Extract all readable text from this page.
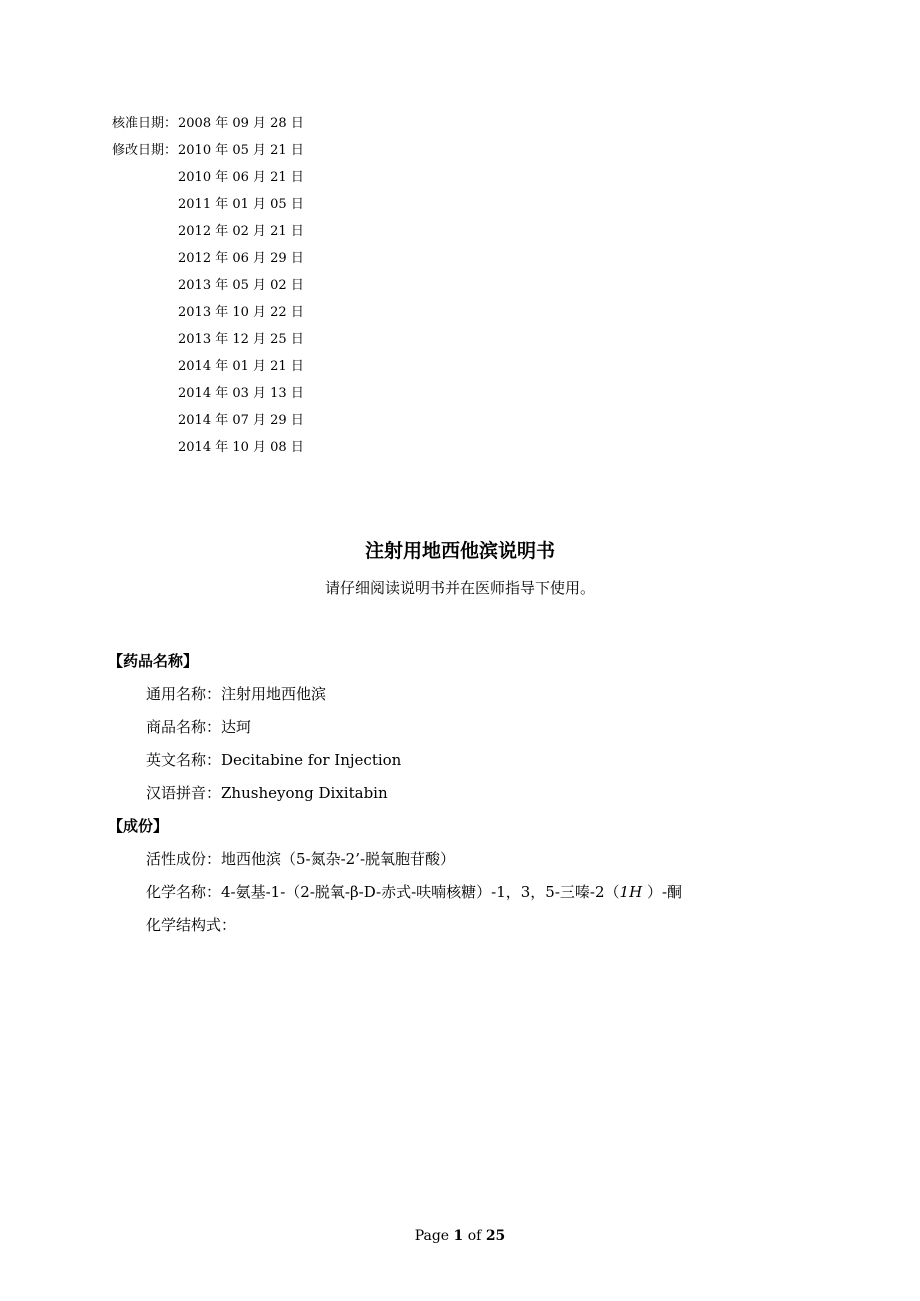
核准日期：2008 年 09 月 28 日
修改日期：2010 年 05 月 21 日
2010 年 06 月 21 日
2011 年 01 月 05 日
2012 年 02 月 21 日
2012 年 06 月 29 日
2013 年 05 月 02 日
2013 年 10 月 22 日
2013 年 12 月 25 日
2014 年 01 月 21 日
2014 年 03 月 13 日
2014 年 07 月 29 日
2014 年 10 月 08 日
注射用地西他滨说明书
请仔细阅读说明书并在医师指导下使用。
【药品名称】
通用名称：注射用地西他滨
商品名称：达珂
英文名称：Decitabine for Injection
汉语拼音：Zhusheyong Dixitabin
【成份】
活性成份：地西他滨（5-氮杂-2’-脱氧胞苷酸）
化学名称：4-氨基-1-（2-脱氧-β-D-赤式-呋喃核糖）-1，3，5-三嗪-2（1H ）-酮
化学结构式：
Page 1 of 25
